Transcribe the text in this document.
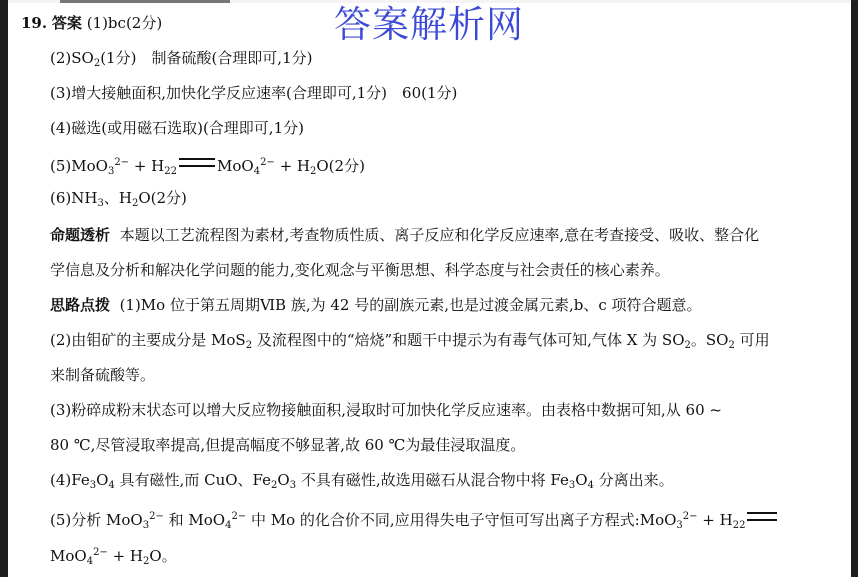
答案解析网
19. 答案 (1)bc(2分)
$(2)SO_2(1$分)　制备硫酸(合理即可,1分)
(3)增大接触面积,加快化学反应速率(合理即可,1分)　60(1分)
(4)磁选(或用磁石选取)(合理即可,1分)
$(5)MoO_3^{2-} + H_{22}$	$MoO_4^{2-} + H_2O(2$分)
$(6)NH_3$、$H_2O(2$分)
命题透析 本题以工艺流程图为素材,考查物质性质、离子反应和化学反应速率,意在考查接受、吸收、整合化
学信息及分析和解决化学问题的能力,变化观念与平衡思想、科学态度与社会责任的核心素养。
思路点拨 (1)Mo 位于第五周期ⅥB 族,为 42 号的副族元素,也是过渡金属元素,b、c 项符合题意。
(2)由钼矿的主要成分是 MoS$_2$ 及流程图中的“焙烧”和题干中提示为有毒气体可知,气体 X 为 $SO_2$。$SO_2$ 可用
来制备硫酸等。
(3)粉碎成粉末状态可以增大反应物接触面积,浸取时可加快化学反应速率。由表格中数据可知,从 60 ~
80 ℃,尽管浸取率提高,但提高幅度不够显著,故 60 ℃为最佳浸取温度。
$(4)Fe_3O_4$ 具有磁性,而 CuO、$Fe_2O_3$ 不具有磁性,故选用磁石从混合物中将 $Fe_3O_4$ 分离出来。
(5)分析 MoO$_3^{2-}$ 和 MoO$_4^{2-}$ 中 Mo 的化合价不同,应用得失电子守恒可写出离子方程式:MoO$_3^{2-}$ + $H_{22}$
$MoO_4^{2-} + H_2O$。
